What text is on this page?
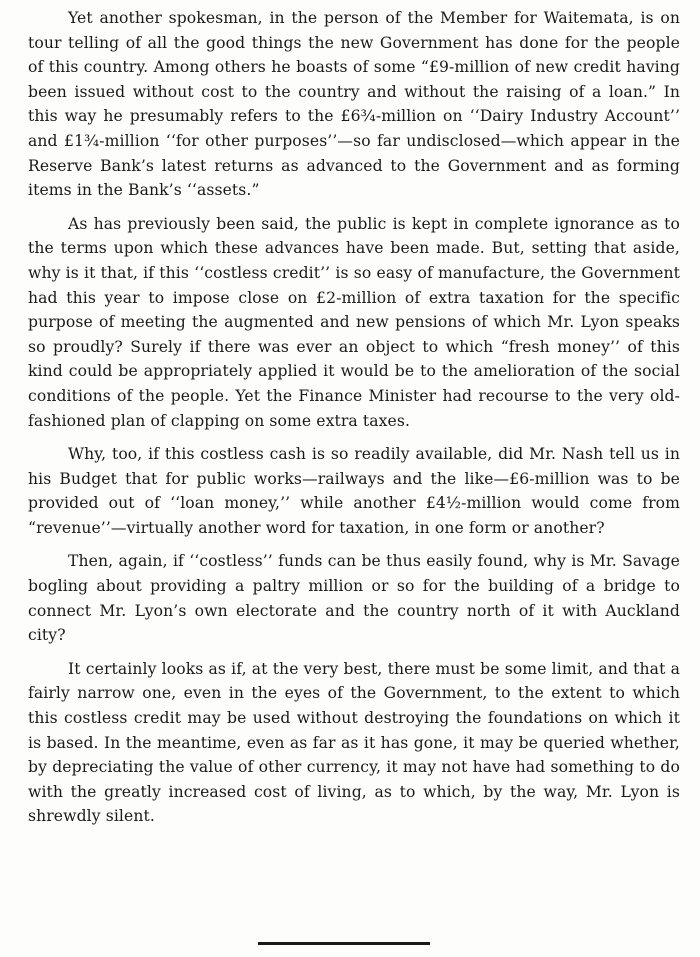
Yet another spokesman, in the person of the Member for Waitemata, is on tour telling of all the good things the new Government has done for the people of this country. Among others he boasts of some “£9-million of new credit having been issued without cost to the country and without the raising of a loan.” In this way he presumably refers to the £6¾-million on ‘‘Dairy Industry Account’’ and £1¾-million ‘‘for other purposes’’—so far undisclosed—which appear in the Reserve Bank’s latest returns as advanced to the Government and as forming items in the Bank’s ‘‘assets.”

As has previously been said, the public is kept in complete ignorance as to the terms upon which these advances have been made. But, setting that aside, why is it that, if this ‘‘costless credit’’ is so easy of manufacture, the Government had this year to impose close on £2-million of extra taxation for the specific purpose of meeting the augmented and new pensions of which Mr. Lyon speaks so proudly? Surely if there was ever an object to which “fresh money’’ of this kind could be appropriately applied it would be to the amelioration of the social conditions of the people. Yet the Finance Minister had recourse to the very old-fashioned plan of clapping on some extra taxes.

Why, too, if this costless cash is so readily available, did Mr. Nash tell us in his Budget that for public works—railways and the like—£6-million was to be provided out of ‘‘loan money,’’ while another £4½-million would come from “revenue’’—virtually another word for taxation, in one form or another?

Then, again, if ‘‘costless’’ funds can be thus easily found, why is Mr. Savage bogling about providing a paltry million or so for the building of a bridge to connect Mr. Lyon’s own electorate and the country north of it with Auckland city?

It certainly looks as if, at the very best, there must be some limit, and that a fairly narrow one, even in the eyes of the Government, to the extent to which this costless credit may be used without destroying the foundations on which it is based. In the meantime, even as far as it has gone, it may be queried whether, by depreciating the value of other currency, it may not have had something to do with the greatly increased cost of living, as to which, by the way, Mr. Lyon is shrewdly silent.
